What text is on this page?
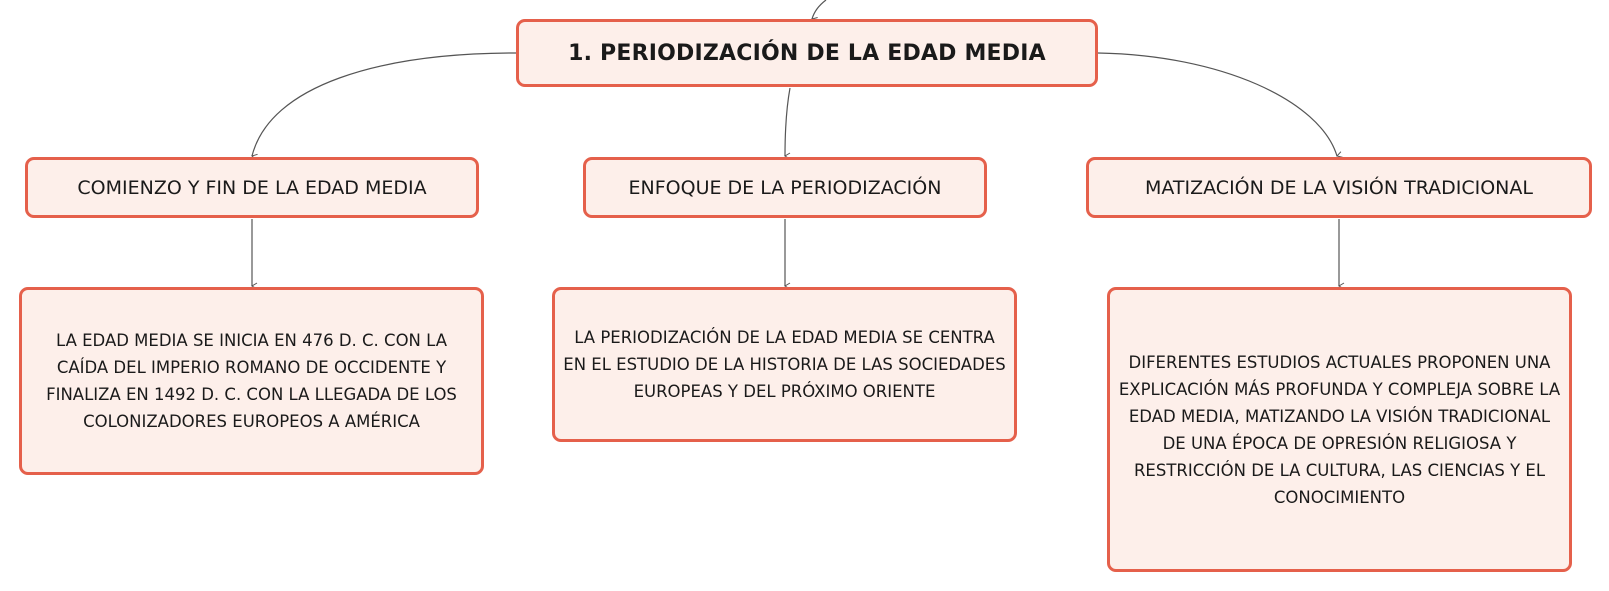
1. PERIODIZACIÓN DE LA EDAD MEDIA
COMIENZO Y FIN DE LA EDAD MEDIA	ENFOQUE DE LA PERIODIZACIÓN	MATIZACIÓN DE LA VISIÓN TRADICIONAL
LA EDAD MEDIA SE INICIA EN 476 D. C. CON LA CAÍDA DEL IMPERIO ROMANO DE OCCIDENTE Y FINALIZA EN 1492 D. C. CON LA LLEGADA DE LOS COLONIZADORES EUROPEOS A AMÉRICA
LA PERIODIZACIÓN DE LA EDAD MEDIA SE CENTRA EN EL ESTUDIO DE LA HISTORIA DE LAS SOCIEDADES EUROPEAS Y DEL PRÓXIMO ORIENTE
DIFERENTES ESTUDIOS ACTUALES PROPONEN UNA EXPLICACIÓN MÁS PROFUNDA Y COMPLEJA SOBRE LA EDAD MEDIA, MATIZANDO LA VISIÓN TRADICIONAL DE UNA ÉPOCA DE OPRESIÓN RELIGIOSA Y RESTRICCIÓN DE LA CULTURA, LAS CIENCIAS Y EL CONOCIMIENTO
